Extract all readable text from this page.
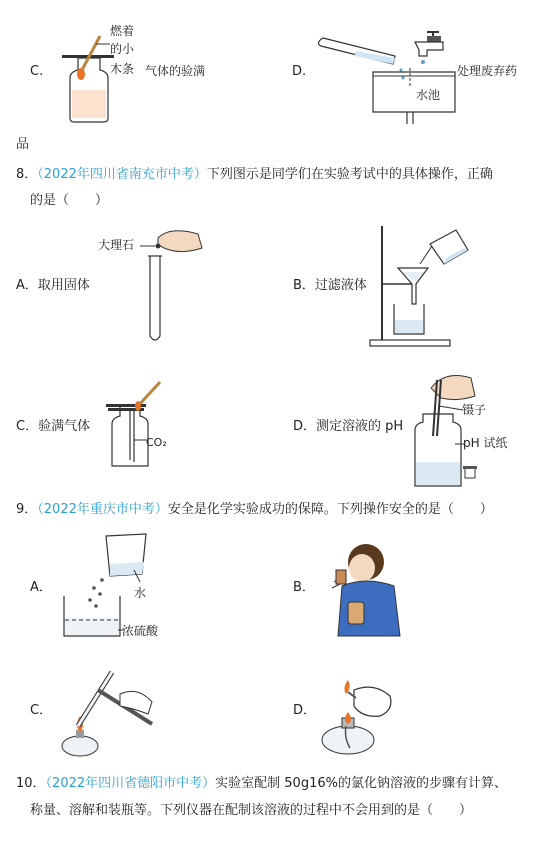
C.
燃着
的小
木条 气体的验满	D.
水池
处理废弃药
品
8．（2022年四川省南充市中考）下列图示是同学们在实验考试中的具体操作，正确
的是（　　）
大理石
A．取用固体	B．过滤液体
C．验满气体
CO₂
D．测定溶液的 pH
镊子
pH 试纸
9．（2022年重庆市中考）安全是化学实验成功的保障。下列操作安全的是（　　）
A．	水
浓硫酸
B．
C．	D．
10．（2022年四川省德阳市中考）实验室配制 50g16%的氯化钠溶液的步骤有计算、
称量、溶解和装瓶等。下列仪器在配制该溶液的过程中不会用到的是（　　）
